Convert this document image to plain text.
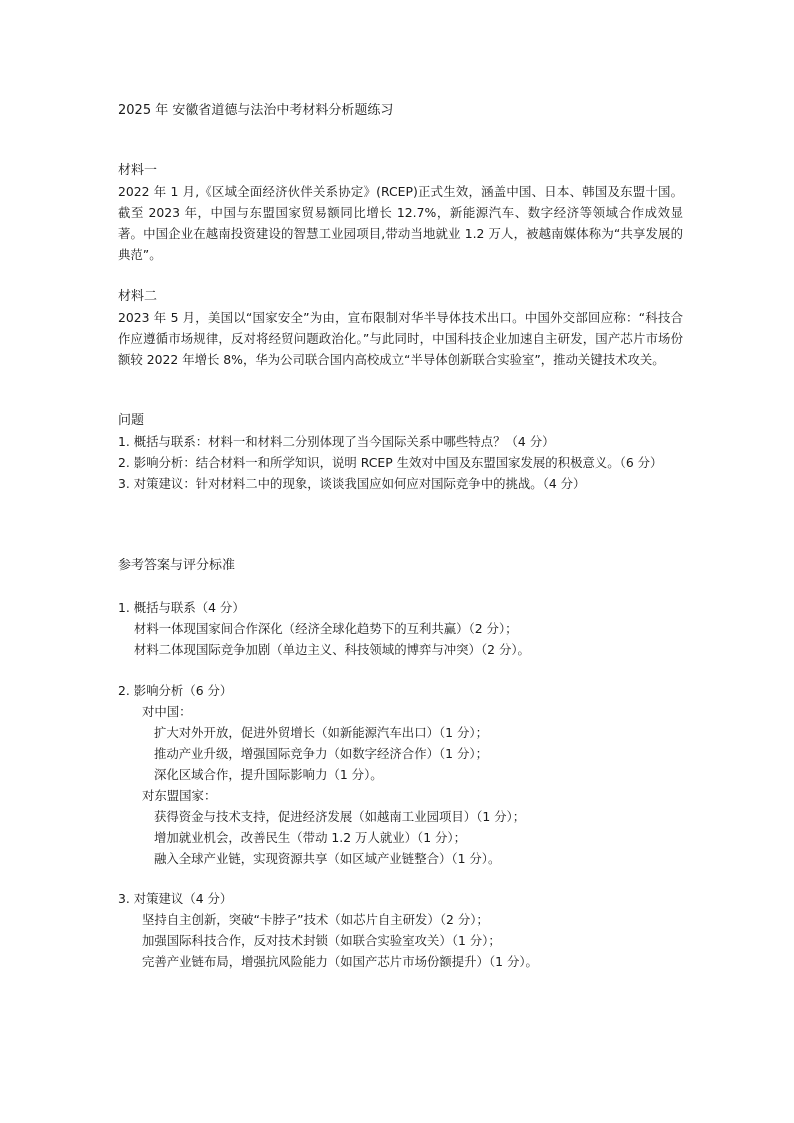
2025 年 安徽省道德与法治中考材料分析题练习

材料一

2022 年 1 月,《区域全面经济伙伴关系协定》(RCEP)正式生效，涵盖中国、日本、韩国及东盟十国。截至 2023 年，中国与东盟国家贸易额同比增长 12.7%，新能源汽车、数字经济等领域合作成效显著。中国企业在越南投资建设的智慧工业园项目,带动当地就业 1.2 万人，被越南媒体称为“共享发展的典范”。

材料二

2023 年 5 月，美国以“国家安全”为由，宣布限制对华半导体技术出口。中国外交部回应称：“科技合作应遵循市场规律，反对将经贸问题政治化。”与此同时，中国科技企业加速自主研发，国产芯片市场份额较 2022 年增长 8%，华为公司联合国内高校成立“半导体创新联合实验室”，推动关键技术攻关。

问题

1. 概括与联系：材料一和材料二分别体现了当今国际关系中哪些特点？（4 分）

2. 影响分析：结合材料一和所学知识，说明 RCEP 生效对中国及东盟国家发展的积极意义。（6 分）

3. 对策建议：针对材料二中的现象，谈谈我国应如何应对国际竞争中的挑战。（4 分）

参考答案与评分标准

1. 概括与联系（4 分）

材料一体现国家间合作深化（经济全球化趋势下的互利共赢）（2 分）；

材料二体现国际竞争加剧（单边主义、科技领域的博弈与冲突）（2 分）。

2. 影响分析（6 分）

对中国：

扩大对外开放，促进外贸增长（如新能源汽车出口）（1 分）；

推动产业升级，增强国际竞争力（如数字经济合作）（1 分）；

深化区域合作，提升国际影响力（1 分）。

对东盟国家：

获得资金与技术支持，促进经济发展（如越南工业园项目）（1 分）；

增加就业机会，改善民生（带动 1.2 万人就业）（1 分）；

融入全球产业链，实现资源共享（如区域产业链整合）（1 分）。

3. 对策建议（4 分）

坚持自主创新，突破“卡脖子”技术（如芯片自主研发）（2 分）；

加强国际科技合作，反对技术封锁（如联合实验室攻关）（1 分）；

完善产业链布局，增强抗风险能力（如国产芯片市场份额提升）（1 分）。
